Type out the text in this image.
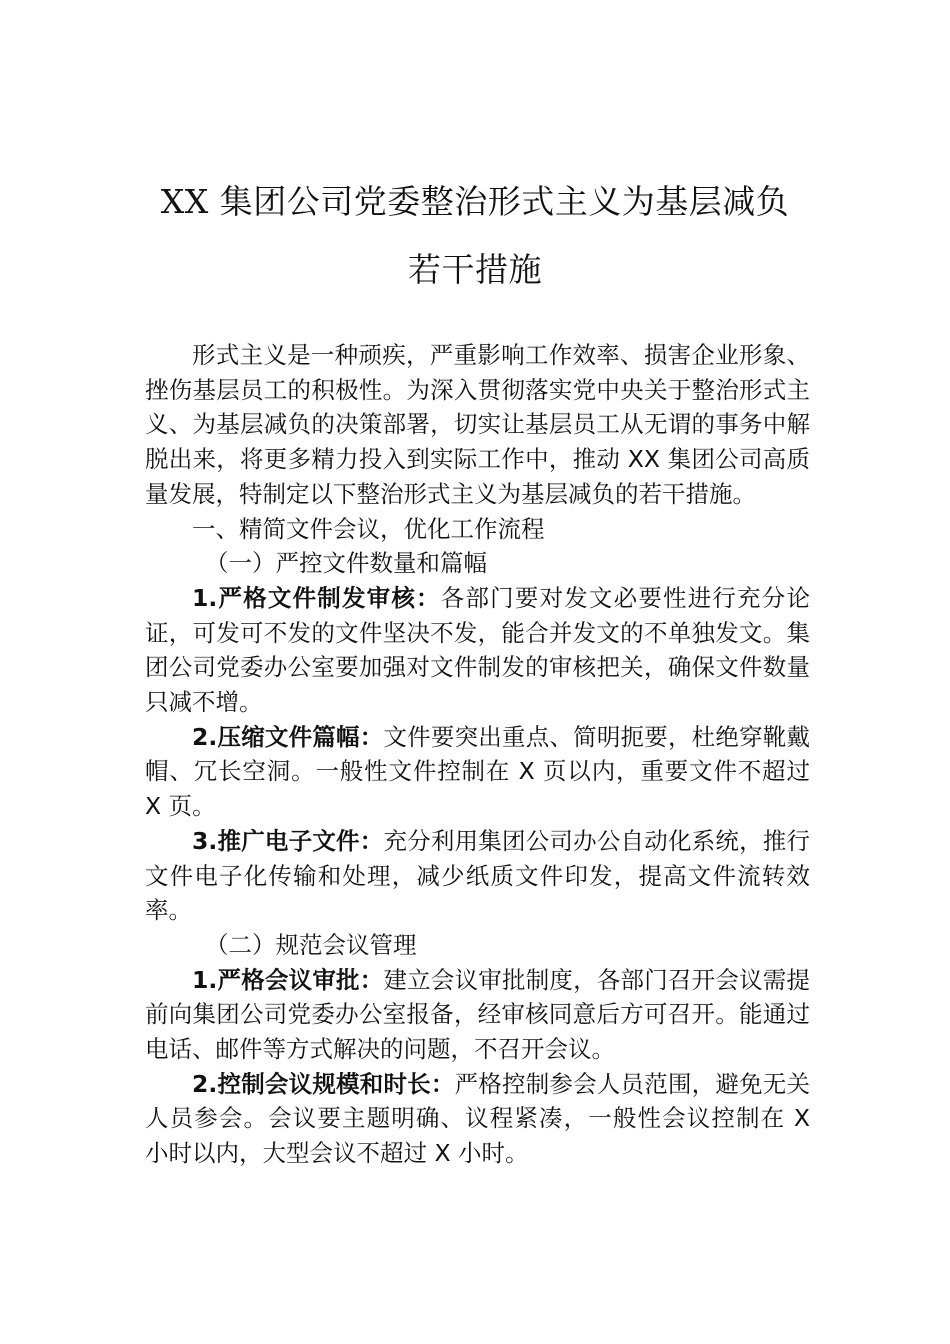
XX 集团公司党委整治形式主义为基层减负
若干措施

形式主义是一种顽疾，严重影响工作效率、损害企业形象、挫伤基层员工的积极性。为深入贯彻落实党中央关于整治形式主义、为基层减负的决策部署，切实让基层员工从无谓的事务中解脱出来，将更多精力投入到实际工作中，推动 XX 集团公司高质量发展，特制定以下整治形式主义为基层减负的若干措施。

一、精简文件会议，优化工作流程

（一）严控文件数量和篇幅

1.严格文件制发审核：各部门要对发文必要性进行充分论证，可发可不发的文件坚决不发，能合并发文的不单独发文。集团公司党委办公室要加强对文件制发的审核把关，确保文件数量只减不增。

2.压缩文件篇幅：文件要突出重点、简明扼要，杜绝穿靴戴帽、冗长空洞。一般性文件控制在 X 页以内，重要文件不超过 X 页。

3.推广电子文件：充分利用集团公司办公自动化系统，推行文件电子化传输和处理，减少纸质文件印发，提高文件流转效率。

（二）规范会议管理

1.严格会议审批：建立会议审批制度，各部门召开会议需提前向集团公司党委办公室报备，经审核同意后方可召开。能通过电话、邮件等方式解决的问题，不召开会议。

2.控制会议规模和时长：严格控制参会人员范围，避免无关人员参会。会议要主题明确、议程紧凑，一般性会议控制在 X 小时以内，大型会议不超过 X 小时。
